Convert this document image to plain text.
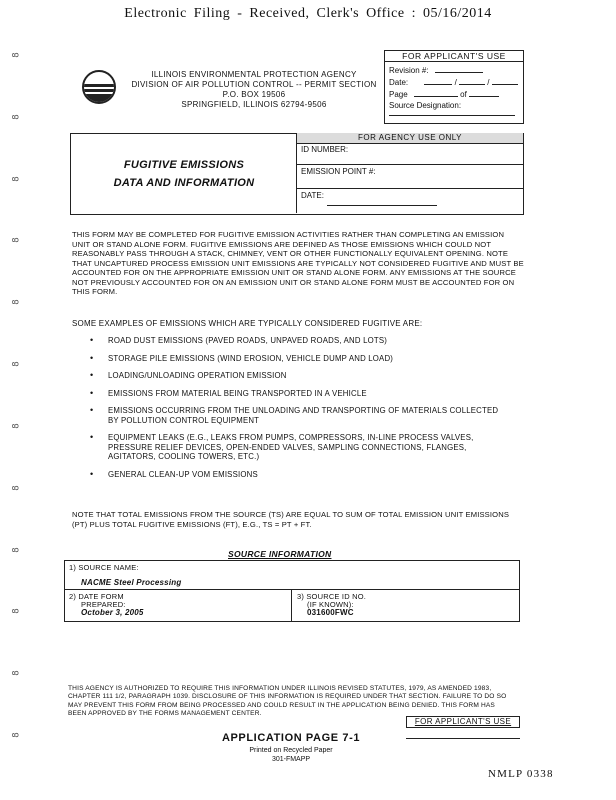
Electronic Filing - Received, Clerk's Office : 05/16/2014
8
8
8
8
8
8
8
8
8
8
8
8
ILLINOIS ENVIRONMENTAL PROTECTION AGENCY
DIVISION OF AIR POLLUTION CONTROL -- PERMIT SECTION
P.O. BOX 19506
SPRINGFIELD, ILLINOIS 62794-9506
FOR APPLICANT'S USE
Revision #:
Date:	/	/
Page	of
Source Designation:
FUGITIVE EMISSIONS
DATA AND INFORMATION
FOR AGENCY USE ONLY
ID NUMBER:
EMISSION POINT #:
DATE:
THIS FORM MAY BE COMPLETED FOR FUGITIVE EMISSION ACTIVITIES RATHER THAN COMPLETING AN EMISSION UNIT OR STAND ALONE FORM. FUGITIVE EMISSIONS ARE DEFINED AS THOSE EMISSIONS WHICH COULD NOT REASONABLY PASS THROUGH A STACK, CHIMNEY, VENT OR OTHER FUNCTIONALLY EQUIVALENT OPENING. NOTE THAT UNCAPTURED PROCESS EMISSION UNIT EMISSIONS ARE TYPICALLY NOT CONSIDERED FUGITIVE AND MUST BE ACCOUNTED FOR ON THE APPROPRIATE EMISSION UNIT OR STAND ALONE FORM. ANY EMISSIONS AT THE SOURCE NOT PREVIOUSLY ACCOUNTED FOR ON AN EMISSION UNIT OR STAND ALONE FORM MUST BE ACCOUNTED FOR ON THIS FORM.
SOME EXAMPLES OF EMISSIONS WHICH ARE TYPICALLY CONSIDERED FUGITIVE ARE:
• ROAD DUST EMISSIONS (PAVED ROADS, UNPAVED ROADS, AND LOTS)
• STORAGE PILE EMISSIONS (WIND EROSION, VEHICLE DUMP AND LOAD)
• LOADING/UNLOADING OPERATION EMISSION
• EMISSIONS FROM MATERIAL BEING TRANSPORTED IN A VEHICLE
• EMISSIONS OCCURRING FROM THE UNLOADING AND TRANSPORTING OF MATERIALS COLLECTED BY POLLUTION CONTROL EQUIPMENT
• EQUIPMENT LEAKS (E.G., LEAKS FROM PUMPS, COMPRESSORS, IN-LINE PROCESS VALVES, PRESSURE RELIEF DEVICES, OPEN-ENDED VALVES, SAMPLING CONNECTIONS, FLANGES, AGITATORS, COOLING TOWERS, ETC.)
• GENERAL CLEAN-UP VOM EMISSIONS
NOTE THAT TOTAL EMISSIONS FROM THE SOURCE (TS) ARE EQUAL TO SUM OF TOTAL EMISSION UNIT EMISSIONS (PT) PLUS TOTAL FUGITIVE EMISSIONS (FT), E.G., TS = PT + FT.
SOURCE INFORMATION
1) SOURCE NAME:
NACME Steel Processing
2) DATE FORM
PREPARED:
October 3, 2005
3) SOURCE ID NO.
(IF KNOWN):
031600FWC
THIS AGENCY IS AUTHORIZED TO REQUIRE THIS INFORMATION UNDER ILLINOIS REVISED STATUTES, 1979, AS AMENDED 1983, CHAPTER 111 1/2, PARAGRAPH 1039. DISCLOSURE OF THIS INFORMATION IS REQUIRED UNDER THAT SECTION. FAILURE TO DO SO MAY PREVENT THIS FORM FROM BEING PROCESSED AND COULD RESULT IN THE APPLICATION BEING DENIED. THIS FORM HAS BEEN APPROVED BY THE FORMS MANAGEMENT CENTER.
FOR APPLICANT'S USE
APPLICATION PAGE 7-1
Printed on Recycled Paper
301-FMAPP
NMLP 0338
